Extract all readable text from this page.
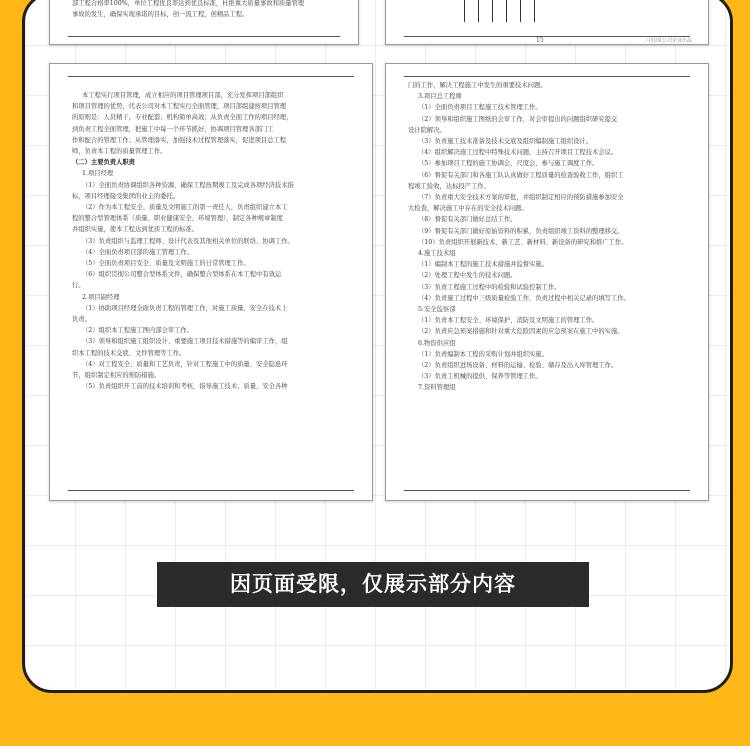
部工程合格率100%，单位工程优良率达到优良标准，杜绝重大质量事故和质量管理
事故的发生，确保实现承诺的目标，创一流工程、创精品工程。
15	中国某公司企业出品
本工程实行项目管理，成立相应的项目管理项目部，充分发挥项目部组织
和项目管理的优势，代表公司对本工程实行全面管理，项目部组建按项目管理
的原则是：人员精干，专业配套；机构简单高效；从负责全面工作的项目经理，
到负责工程全面管理，把施工中每一个环节抓好，协调项目管理各部门工
作和配合的管理工作；从管理落实，加强技术过程管理落实，促进项目总工程
师，负责本工程的质量管理工作。
（二）主要负责人职责
1.项目经理
（1）全面负责协调组织各种资源，确保工程按期竣工及完成各项经济技术指
标，项目经理接受集团的业主的委托。
（2）作为本工程安全、质量及文明施工的第一责任人，负责组织建立本工
程的整合型管理体系（质量、职业健康安全、环境管理），制定各种规章制度
并组织实施，使本工程达到优质工程的标准。
（3）负责组织与监理工程师、设计代表及其他相关单位的联络、协调工作。
（4）全面负责项目部的施工管理工作。
（5）全面负责项目安全、质量及文明施工的日常管理工作。
（6）组织贯彻公司整合型体系文件，确保整合型体系在本工程中有效运
行。
2.项目副经理
（1）协助项目经理全面负责工程的管理工作，对施工质量、安全在技术上
负责。
（2）组织本工程施工图内部会审工作。
（3）领导和组织施工组织设计、重要施工项目技术措施等的编审工作，组
织本工程的技术交底、文件管理等工作。
（4）对工程安全、质量和工艺负责，针对工程施工中的质量、安全隐患环
节，组织制定相应的预防措施。
（5）负责组织开工前的技术培训和考核，指导施工技术、质量、安全各种
门的工作，解决工程施工中发生的重要技术问题。
3.项目总工程师
（1）全面负责项目工程施工技术管理工作。
（2）领导和组织施工图纸的会审工作，对会审提出的问题组织研究提交
设计院解决。
（3）负责施工技术准备及技术交底及组织编制施工组织设计。
（4）组织解决施工过程中特殊技术问题，主持召开项目工程技术会议。
（5）参加项目工程的施工协调会，尺度会，参与施工调度工作。
（6）督促有关部门和各施工队认真做好工程质量的检查验收工作，组织工
程竣工验收，达标投产工作。
（7）负责重大安全技术方案的审批，并组织制定相应的预防措施参加安全
大检查，解决施工中存在的安全技术问题。
（8）督促有关部门做好总结工作。
（9）督促有关部门做好原始资料的积累，负责组织竣工资料的整理移交。
（10）负责组织开展新技术、新工艺、新材料、新设备的研究和推广工作。
4.施工技术组
（1）编制本工程的施工技术措施并监督实施。
（2）处理工程中发生的技术问题。
（3）负责工程施工过程中的检验和试验控制工作。
（4）负责施工过程中三级质量检验工作，负责过程中相关记录的填写工作。
5.安全监察部
（1）负责本工程安全、环境保护、消防及文明施工的管理工作。
（2）负责应急预案措施和针对重大危险因素的应急预案在施工中的实施。
6.物资供应组
（1）负责编制本工程的采购计划并组织实施。
（2）负责组织进场设备、材料的运输、检验、储存及出入库管理工作。
（3）负责工机械的提供、保养等管理工作。
7.资料管理组
因页面受限，仅展示部分内容
